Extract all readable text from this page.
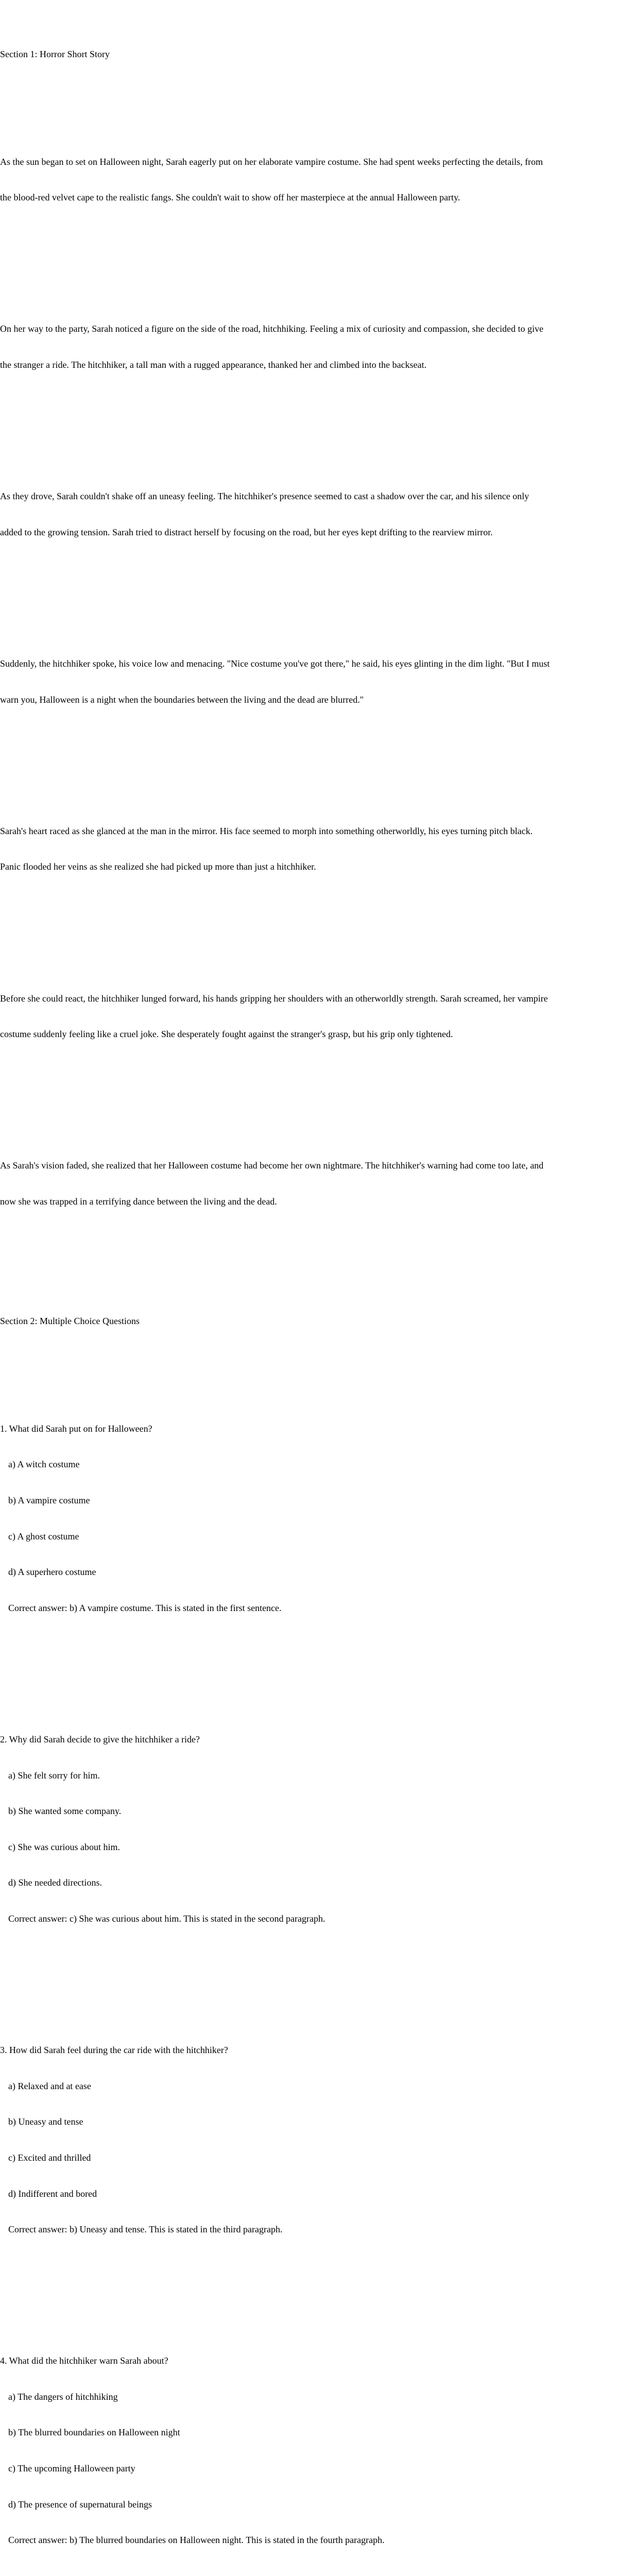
Section 1: Horror Short Story

As the sun began to set on Halloween night, Sarah eagerly put on her elaborate vampire costume. She had spent weeks perfecting the details, from

the blood-red velvet cape to the realistic fangs. She couldn't wait to show off her masterpiece at the annual Halloween party.

On her way to the party, Sarah noticed a figure on the side of the road, hitchhiking. Feeling a mix of curiosity and compassion, she decided to give

the stranger a ride. The hitchhiker, a tall man with a rugged appearance, thanked her and climbed into the backseat.

As they drove, Sarah couldn't shake off an uneasy feeling. The hitchhiker's presence seemed to cast a shadow over the car, and his silence only

added to the growing tension. Sarah tried to distract herself by focusing on the road, but her eyes kept drifting to the rearview mirror.

Suddenly, the hitchhiker spoke, his voice low and menacing. "Nice costume you've got there," he said, his eyes glinting in the dim light. "But I must

warn you, Halloween is a night when the boundaries between the living and the dead are blurred."

Sarah's heart raced as she glanced at the man in the mirror. His face seemed to morph into something otherworldly, his eyes turning pitch black.

Panic flooded her veins as she realized she had picked up more than just a hitchhiker.

Before she could react, the hitchhiker lunged forward, his hands gripping her shoulders with an otherworldly strength. Sarah screamed, her vampire

costume suddenly feeling like a cruel joke. She desperately fought against the stranger's grasp, but his grip only tightened.

As Sarah's vision faded, she realized that her Halloween costume had become her own nightmare. The hitchhiker's warning had come too late, and

now she was trapped in a terrifying dance between the living and the dead.

Section 2: Multiple Choice Questions

1. What did Sarah put on for Halloween?

a) A witch costume

b) A vampire costume

c) A ghost costume

d) A superhero costume

Correct answer: b) A vampire costume. This is stated in the first sentence.

2. Why did Sarah decide to give the hitchhiker a ride?

a) She felt sorry for him.

b) She wanted some company.

c) She was curious about him.

d) She needed directions.

Correct answer: c) She was curious about him. This is stated in the second paragraph.

3. How did Sarah feel during the car ride with the hitchhiker?

a) Relaxed and at ease

b) Uneasy and tense

c) Excited and thrilled

d) Indifferent and bored

Correct answer: b) Uneasy and tense. This is stated in the third paragraph.

4. What did the hitchhiker warn Sarah about?

a) The dangers of hitchhiking

b) The blurred boundaries on Halloween night

c) The upcoming Halloween party

d) The presence of supernatural beings

Correct answer: b) The blurred boundaries on Halloween night. This is stated in the fourth paragraph.
